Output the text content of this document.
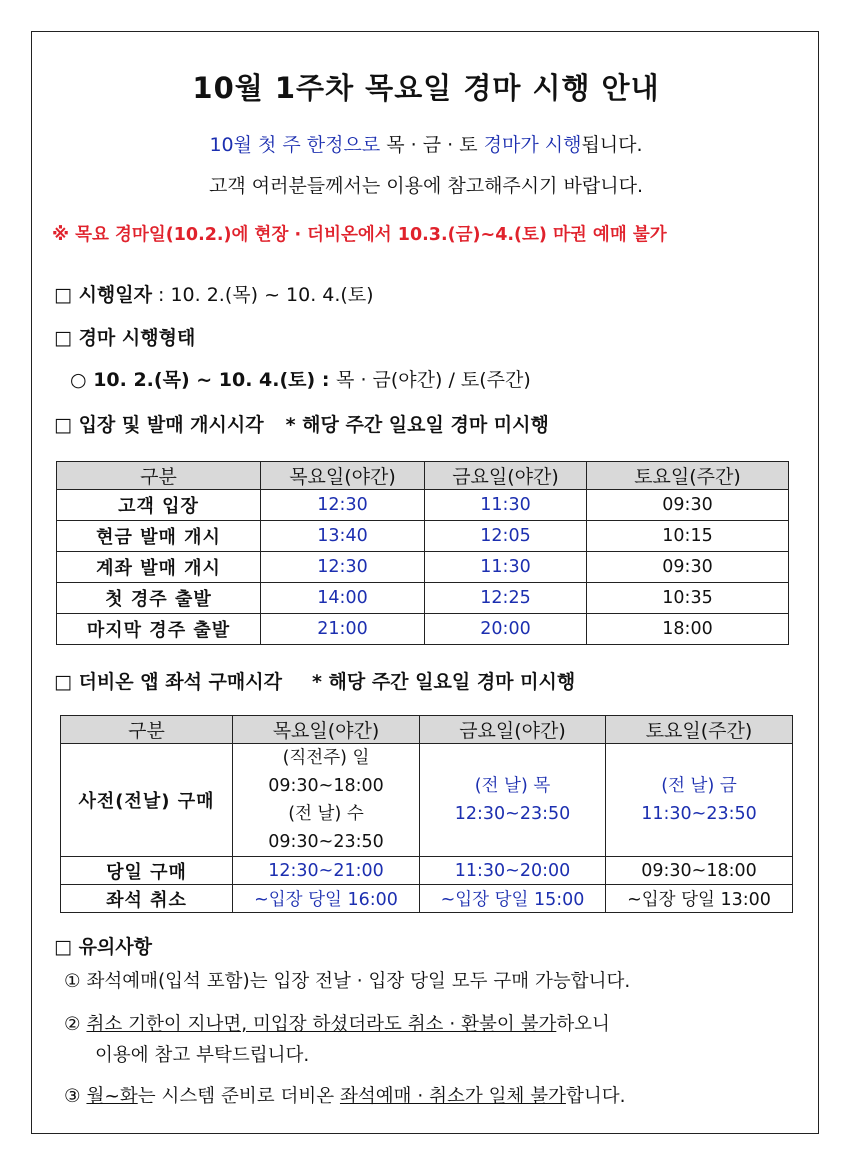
10월 1주차 목요일 경마 시행 안내
10월 첫 주 한정으로 목 · 금 · 토 경마가 시행됩니다.
고객 여러분들께서는 이용에 참고해주시기 바랍니다.
※ 목요 경마일(10.2.)에 현장 · 더비온에서 10.3.(금)~4.(토) 마권 예매 불가
□ 시행일자 : 10. 2.(목) ~ 10. 4.(토)
□ 경마 시행형태
○ 10. 2.(목) ~ 10. 4.(토) : 목 · 금(야간) / 토(주간)
□ 입장 및 발매 개시시각 * 해당 주간 일요일 경마 미시행
구분	목요일(야간)	금요일(야간)	토요일(주간)
고객 입장	12:30	11:30	09:30
현금 발매 개시	13:40	12:05	10:15
계좌 발매 개시	12:30	11:30	09:30
첫 경주 출발	14:00	12:25	10:35
마지막 경주 출발	21:00	20:00	18:00
□ 더비온 앱 좌석 구매시각 * 해당 주간 일요일 경마 미시행
구분	목요일(야간)	금요일(야간)	토요일(주간)
사전(전날) 구매	(직전주) 일
09:30~18:00
(전 날) 수
09:30~23:50	(전 날) 목
12:30~23:50	(전 날) 금
11:30~23:50
당일 구매	12:30~21:00	11:30~20:00	09:30~18:00
좌석 취소	~입장 당일 16:00	~입장 당일 15:00	~입장 당일 13:00
□ 유의사항
① 좌석예매(입석 포함)는 입장 전날 · 입장 당일 모두 구매 가능합니다.
② 취소 기한이 지나면, 미입장 하셨더라도 취소 · 환불이 불가하오니
이용에 참고 부탁드립니다.
③ 월~화는 시스템 준비로 더비온 좌석예매 · 취소가 일체 불가합니다.
